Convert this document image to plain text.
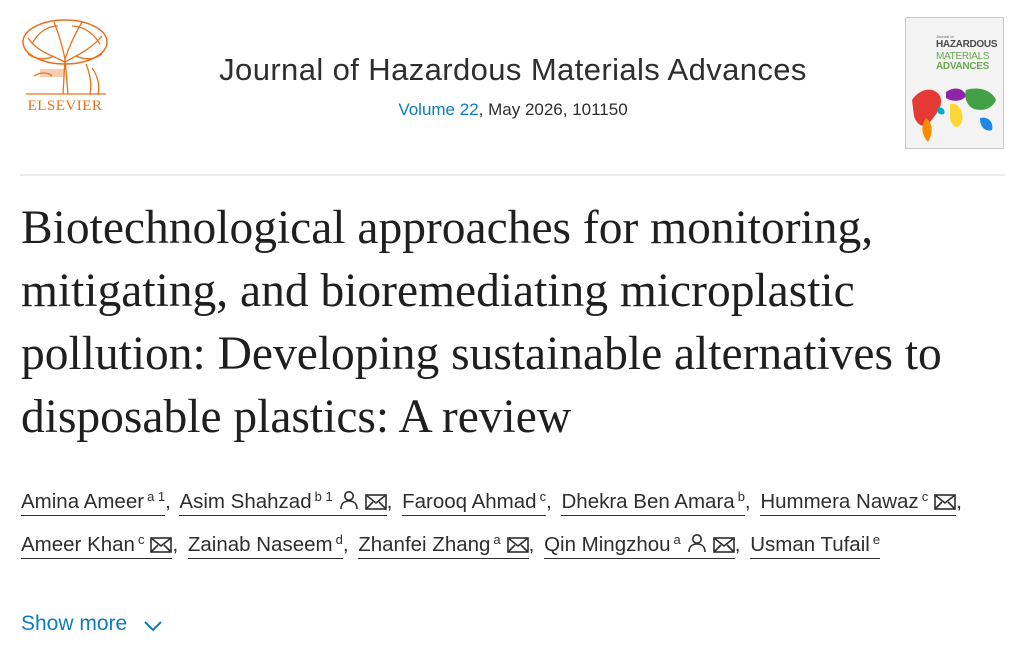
ELSEVIER
Journal of Hazardous Materials Advances
Volume 22, May 2026, 101150
Journal of
HAZARDOUS
MATERIALS
ADVANCES
Biotechnological approaches for monitoring, mitigating, and bioremediating microplastic pollution: Developing sustainable alternatives to disposable plastics: A review
Amina Ameer $^{a 1}$, Asim Shahzad $^{b 1}$	, Farooq Ahmad $^c$, Dhekra Ben Amara $^b$, Hummera Nawaz $^c$ , Ameer Khan $^c$ , Zainab Naseem $^d$, Zhanfei Zhang $^a$ , Qin Mingzhou $^a$	, Usman Tufail $^e$
Show more
